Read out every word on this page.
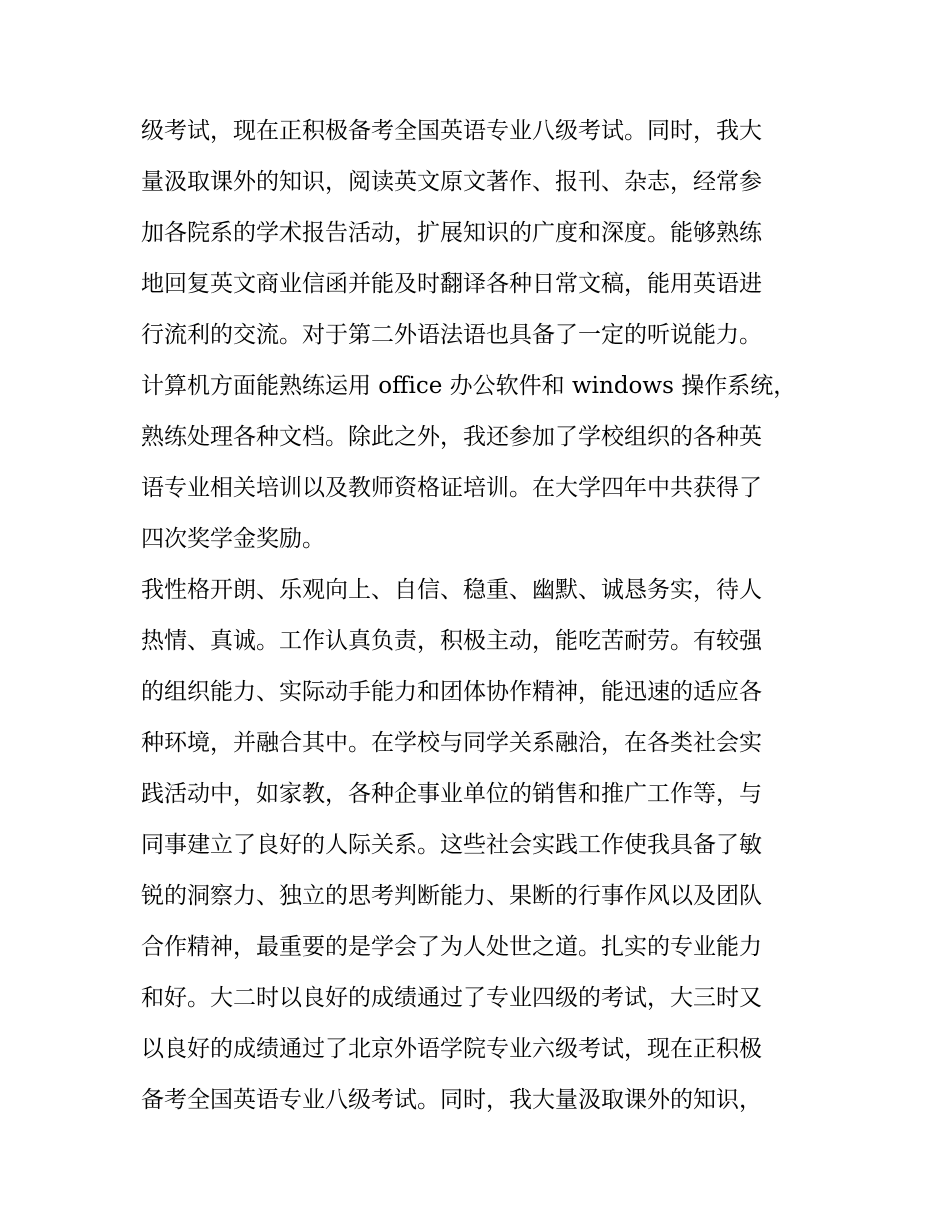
级考试，现在正积极备考全国英语专业八级考试。同时，我大
量汲取课外的知识，阅读英文原文著作、报刊、杂志，经常参
加各院系的学术报告活动，扩展知识的广度和深度。能够熟练
地回复英文商业信函并能及时翻译各种日常文稿，能用英语进
行流利的交流。对于第二外语法语也具备了一定的听说能力。
计算机方面能熟练运用 office 办公软件和 windows 操作系统，
熟练处理各种文档。除此之外，我还参加了学校组织的各种英
语专业相关培训以及教师资格证培训。在大学四年中共获得了
四次奖学金奖励。
我性格开朗、乐观向上、自信、稳重、幽默、诚恳务实，待人
热情、真诚。工作认真负责，积极主动，能吃苦耐劳。有较强
的组织能力、实际动手能力和团体协作精神，能迅速的适应各
种环境，并融合其中。在学校与同学关系融洽，在各类社会实
践活动中，如家教，各种企事业单位的销售和推广工作等，与
同事建立了良好的人际关系。这些社会实践工作使我具备了敏
锐的洞察力、独立的思考判断能力、果断的行事作风以及团队
合作精神，最重要的是学会了为人处世之道。扎实的专业能力
和好。大二时以良好的成绩通过了专业四级的考试，大三时又
以良好的成绩通过了北京外语学院专业六级考试，现在正积极
备考全国英语专业八级考试。同时，我大量汲取课外的知识，
